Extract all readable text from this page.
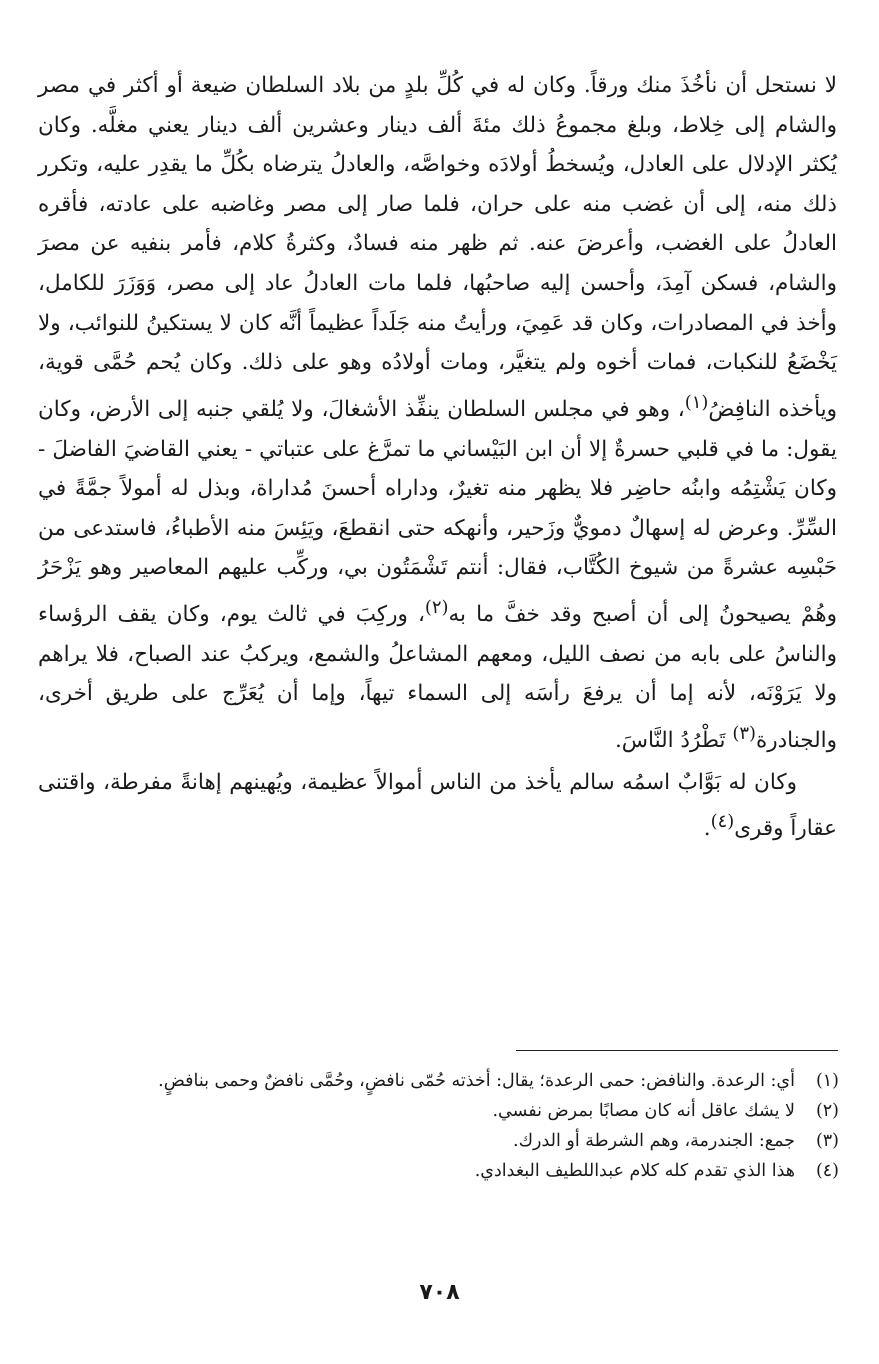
لا نستحل أن نأخُذَ منك ورقاً. وكان له في كُلِّ بلدٍ من بلاد السلطان ضيعة أو أكثر في مصر والشام إلى خِلاط، وبلغ مجموعُ ذلك مئةَ ألف دينار وعشرين ألف دينار يعني مغلَّه. وكان يُكثر الإدلال على العادل، ويُسخطُ أولادَه وخواصَّه، والعادلُ يترضاه بكُلِّ ما يقدِر عليه، وتكرر ذلك منه، إلى أن غضب منه على حران، فلما صار إلى مصر وغاضبه على عادته، فأقره العادلُ على الغضب، وأعرضَ عنه. ثم ظهر منه فسادٌ، وكثرةُ كلام، فأمر بنفيه عن مصرَ والشام، فسكن آمِدَ، وأحسن إليه صاحبُها، فلما مات العادلُ عاد إلى مصر، وَوَزَرَ للكامل، وأخذ في المصادرات، وكان قد عَمِيَ، ورأيتُ منه جَلَداً عظيماً أنَّه كان لا يستكينُ للنوائب، ولا يَخْضَعُ للنكبات، فمات أخوه ولم يتغيَّر، ومات أولادُه وهو على ذلك. وكان يُحم حُمَّى قوية، ويأخذه النافِضُ$^{(١)}$، وهو في مجلس السلطان ينفِّذ الأشغالَ، ولا يُلقي جنبه إلى الأرض، وكان يقول: ما في قلبي حسرةٌ إلا أن ابن البَيْساني ما تمرَّغ على عتباتي - يعني القاضيَ الفاضلَ - وكان يَشْتِمُه وابنُه حاضِر فلا يظهر منه تغيرٌ، وداراه أحسنَ مُداراة، وبذل له أمولاً جمَّةً في السِّرِّ. وعرض له إسهالٌ دمويٌّ وزَحير، وأنهكه حتى انقطعَ، ويَئِسَ منه الأطباءُ، فاستدعى من حَبْسِه عشرةً من شيوخ الكُتَّاب، فقال: أنتم تَشْمَتُون بي، وركِّب عليهم المعاصير وهو يَزْحَرُ وهُمْ يصيحونُ إلى أن أصبح وقد خفَّ ما به$^{(٢)}$، وركِبَ في ثالث يوم، وكان يقف الرؤساء والناسُ على بابه من نصف الليل، ومعهم المشاعلُ والشمع، ويركبُ عند الصباح، فلا يراهم ولا يَرَوْنَه، لأنه إما أن يرفعَ رأسَه إلى السماء تيهاً، وإما أن يُعَرِّج على طريق أخرى، والجنادرة$^{(٣)}$ تَطْرُدُ النَّاسَ.

وكان له بَوَّابٌ اسمُه سالم يأخذ من الناس أموالاً عظيمة، ويُهينهم إهانةً مفرطة، واقتنى عقاراً وقرى$^{(٤)}$.

(١)
أي: الرعدة. والنافض: حمى الرعدة؛ يقال: أخذته حُمّى نافضٍ، وحُمَّى نافضٌ وحمى بنافضٍ.
(٢)
لا يشك عاقل أنه كان مصابًا بمرض نفسي.
(٣)
جمع: الجندرمة، وهم الشرطة أو الدرك.
(٤)
هذا الذي تقدم كله كلام عبداللطيف البغدادي.
٧٠٨
